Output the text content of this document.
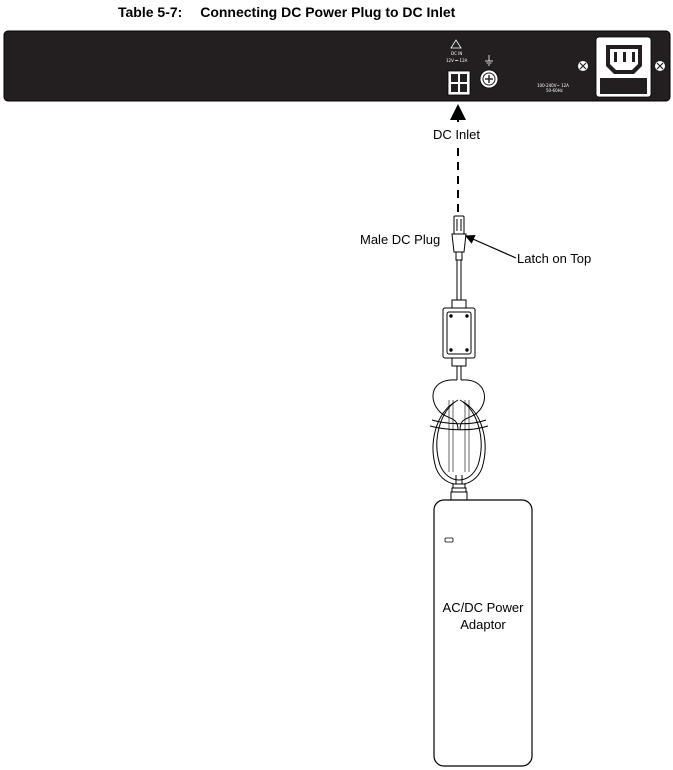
Table 5-7: Connecting DC Power Plug to DC Inlet
DC IN
12V ⎓ 12A
100-240V~ 12A
50-60Hz
DC Inlet
Male DC Plug
Latch on Top
AC/DC Power
Adaptor
